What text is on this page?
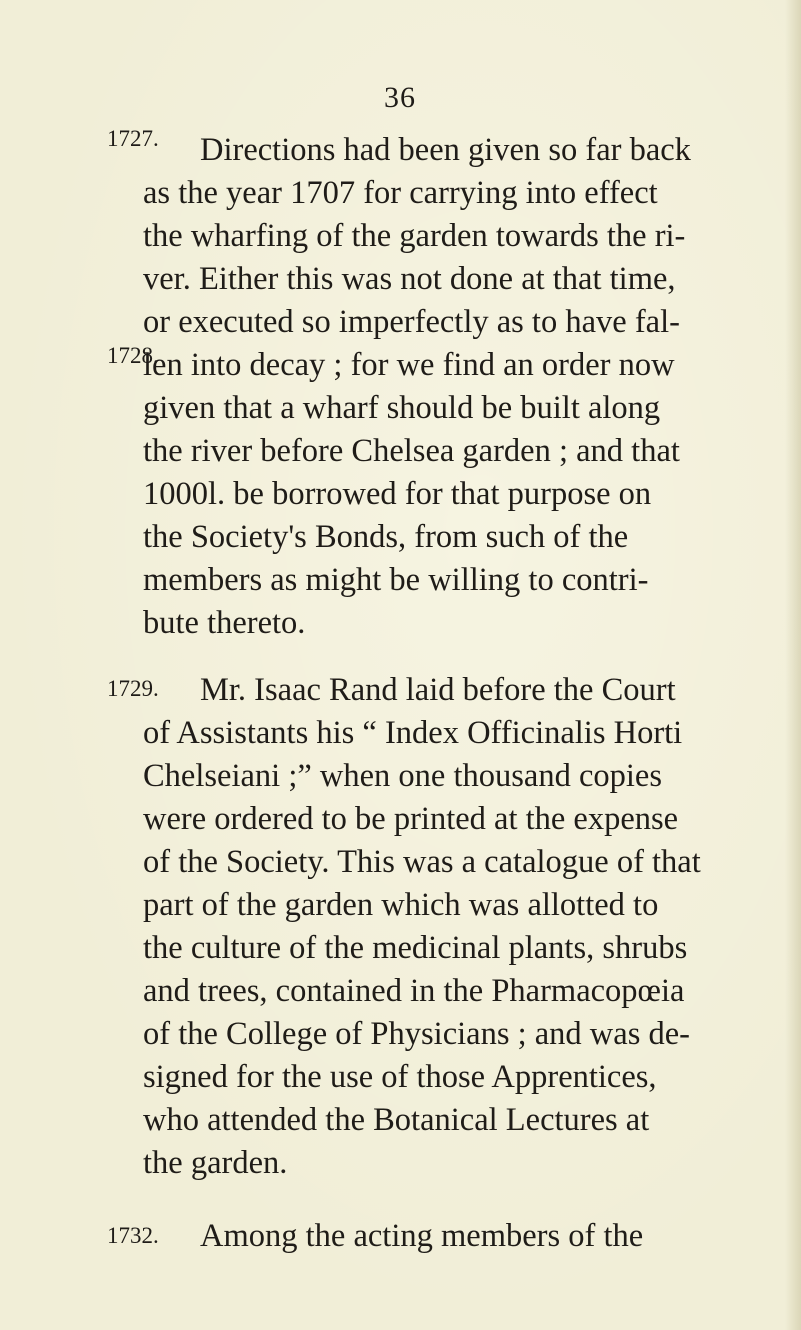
36
1727. Directions had been given so far back
as the year 1707 for carrying into effect
the wharfing of the garden towards the ri-
ver. Either this was not done at that time,
or executed so imperfectly as to have fal-
1728.
len into decay ; for we find an order now
given that a wharf should be built along
the river before Chelsea garden ; and that
1000l. be borrowed for that purpose on
the Society's Bonds, from such of the
members as might be willing to contri-
bute thereto.
1729. Mr. Isaac Rand laid before the Court
of Assistants his “ Index Officinalis Horti
Chelseiani ;” when one thousand copies
were ordered to be printed at the expense
of the Society. This was a catalogue of that
part of the garden which was allotted to
the culture of the medicinal plants, shrubs
and trees, contained in the Pharmacopœia
of the College of Physicians ; and was de-
signed for the use of those Apprentices,
who attended the Botanical Lectures at
the garden.
1732. Among the acting members of the
